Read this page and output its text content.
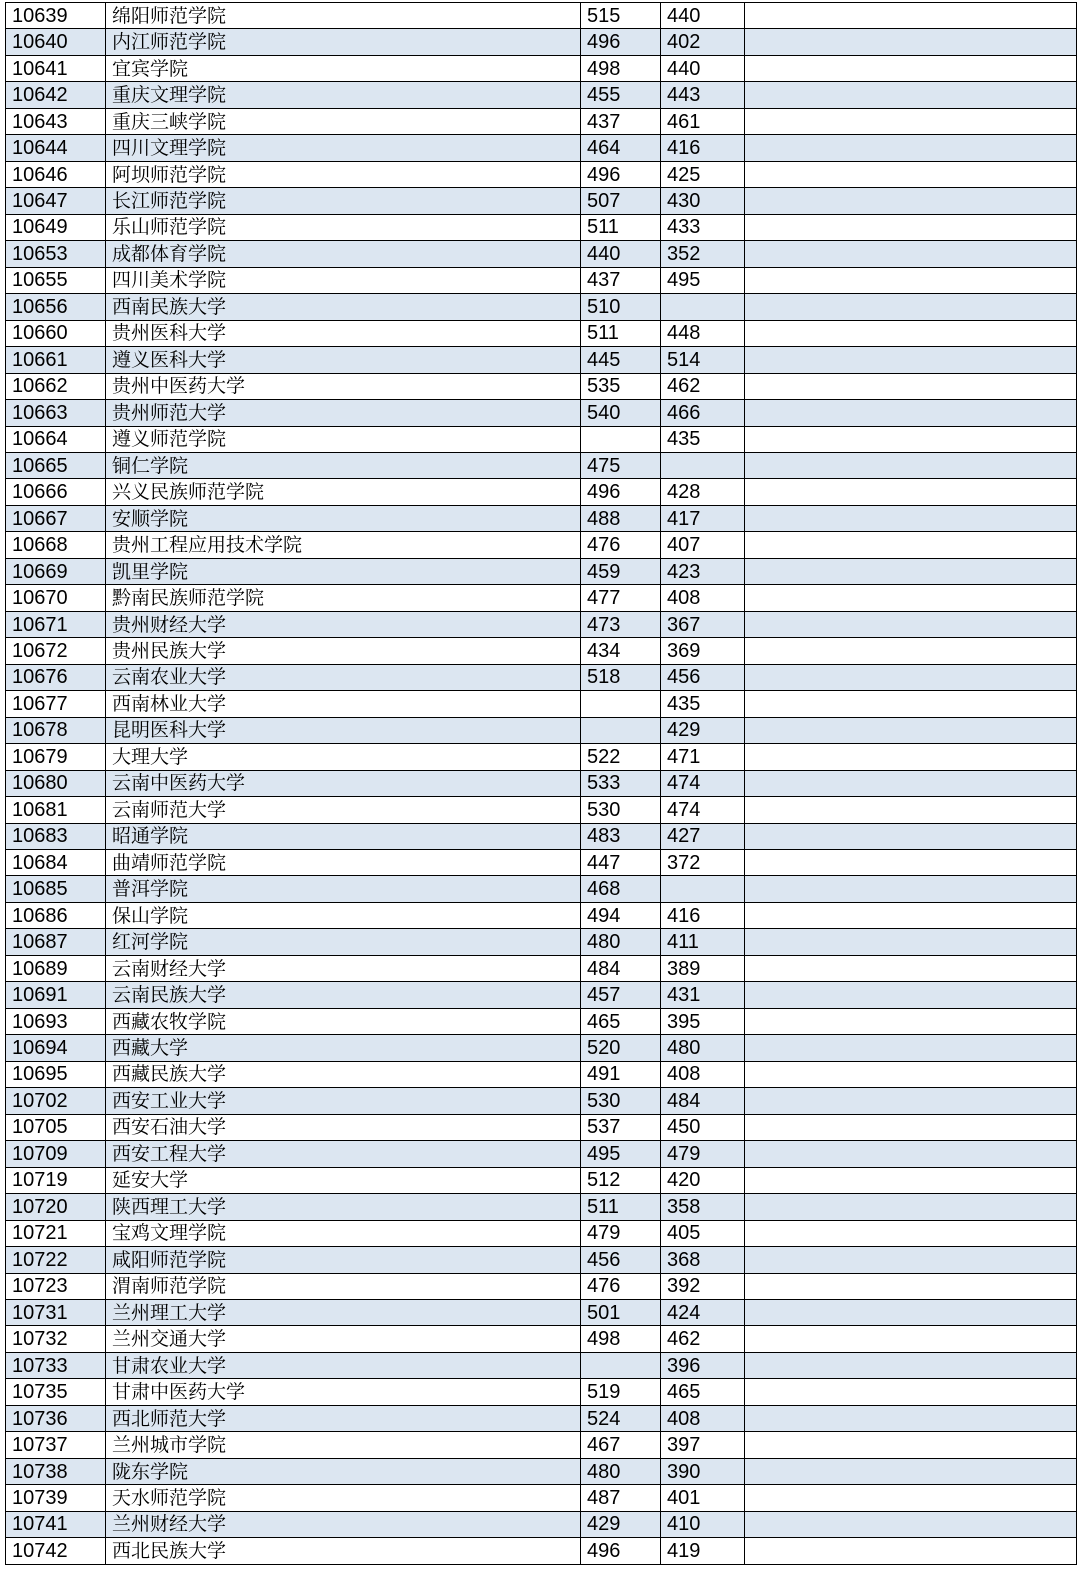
10639	绵阳师范学院	515	440	
10640	内江师范学院	496	402	
10641	宜宾学院	498	440	
10642	重庆文理学院	455	443	
10643	重庆三峡学院	437	461	
10644	四川文理学院	464	416	
10646	阿坝师范学院	496	425	
10647	长江师范学院	507	430	
10649	乐山师范学院	511	433	
10653	成都体育学院	440	352	
10655	四川美术学院	437	495	
10656	西南民族大学	510		
10660	贵州医科大学	511	448	
10661	遵义医科大学	445	514	
10662	贵州中医药大学	535	462	
10663	贵州师范大学	540	466	
10664	遵义师范学院		435	
10665	铜仁学院	475		
10666	兴义民族师范学院	496	428	
10667	安顺学院	488	417	
10668	贵州工程应用技术学院	476	407	
10669	凯里学院	459	423	
10670	黔南民族师范学院	477	408	
10671	贵州财经大学	473	367	
10672	贵州民族大学	434	369	
10676	云南农业大学	518	456	
10677	西南林业大学		435	
10678	昆明医科大学		429	
10679	大理大学	522	471	
10680	云南中医药大学	533	474	
10681	云南师范大学	530	474	
10683	昭通学院	483	427	
10684	曲靖师范学院	447	372	
10685	普洱学院	468		
10686	保山学院	494	416	
10687	红河学院	480	411	
10689	云南财经大学	484	389	
10691	云南民族大学	457	431	
10693	西藏农牧学院	465	395	
10694	西藏大学	520	480	
10695	西藏民族大学	491	408	
10702	西安工业大学	530	484	
10705	西安石油大学	537	450	
10709	西安工程大学	495	479	
10719	延安大学	512	420	
10720	陕西理工大学	511	358	
10721	宝鸡文理学院	479	405	
10722	咸阳师范学院	456	368	
10723	渭南师范学院	476	392	
10731	兰州理工大学	501	424	
10732	兰州交通大学	498	462	
10733	甘肃农业大学		396	
10735	甘肃中医药大学	519	465	
10736	西北师范大学	524	408	
10737	兰州城市学院	467	397	
10738	陇东学院	480	390	
10739	天水师范学院	487	401	
10741	兰州财经大学	429	410	
10742	西北民族大学	496	419	
